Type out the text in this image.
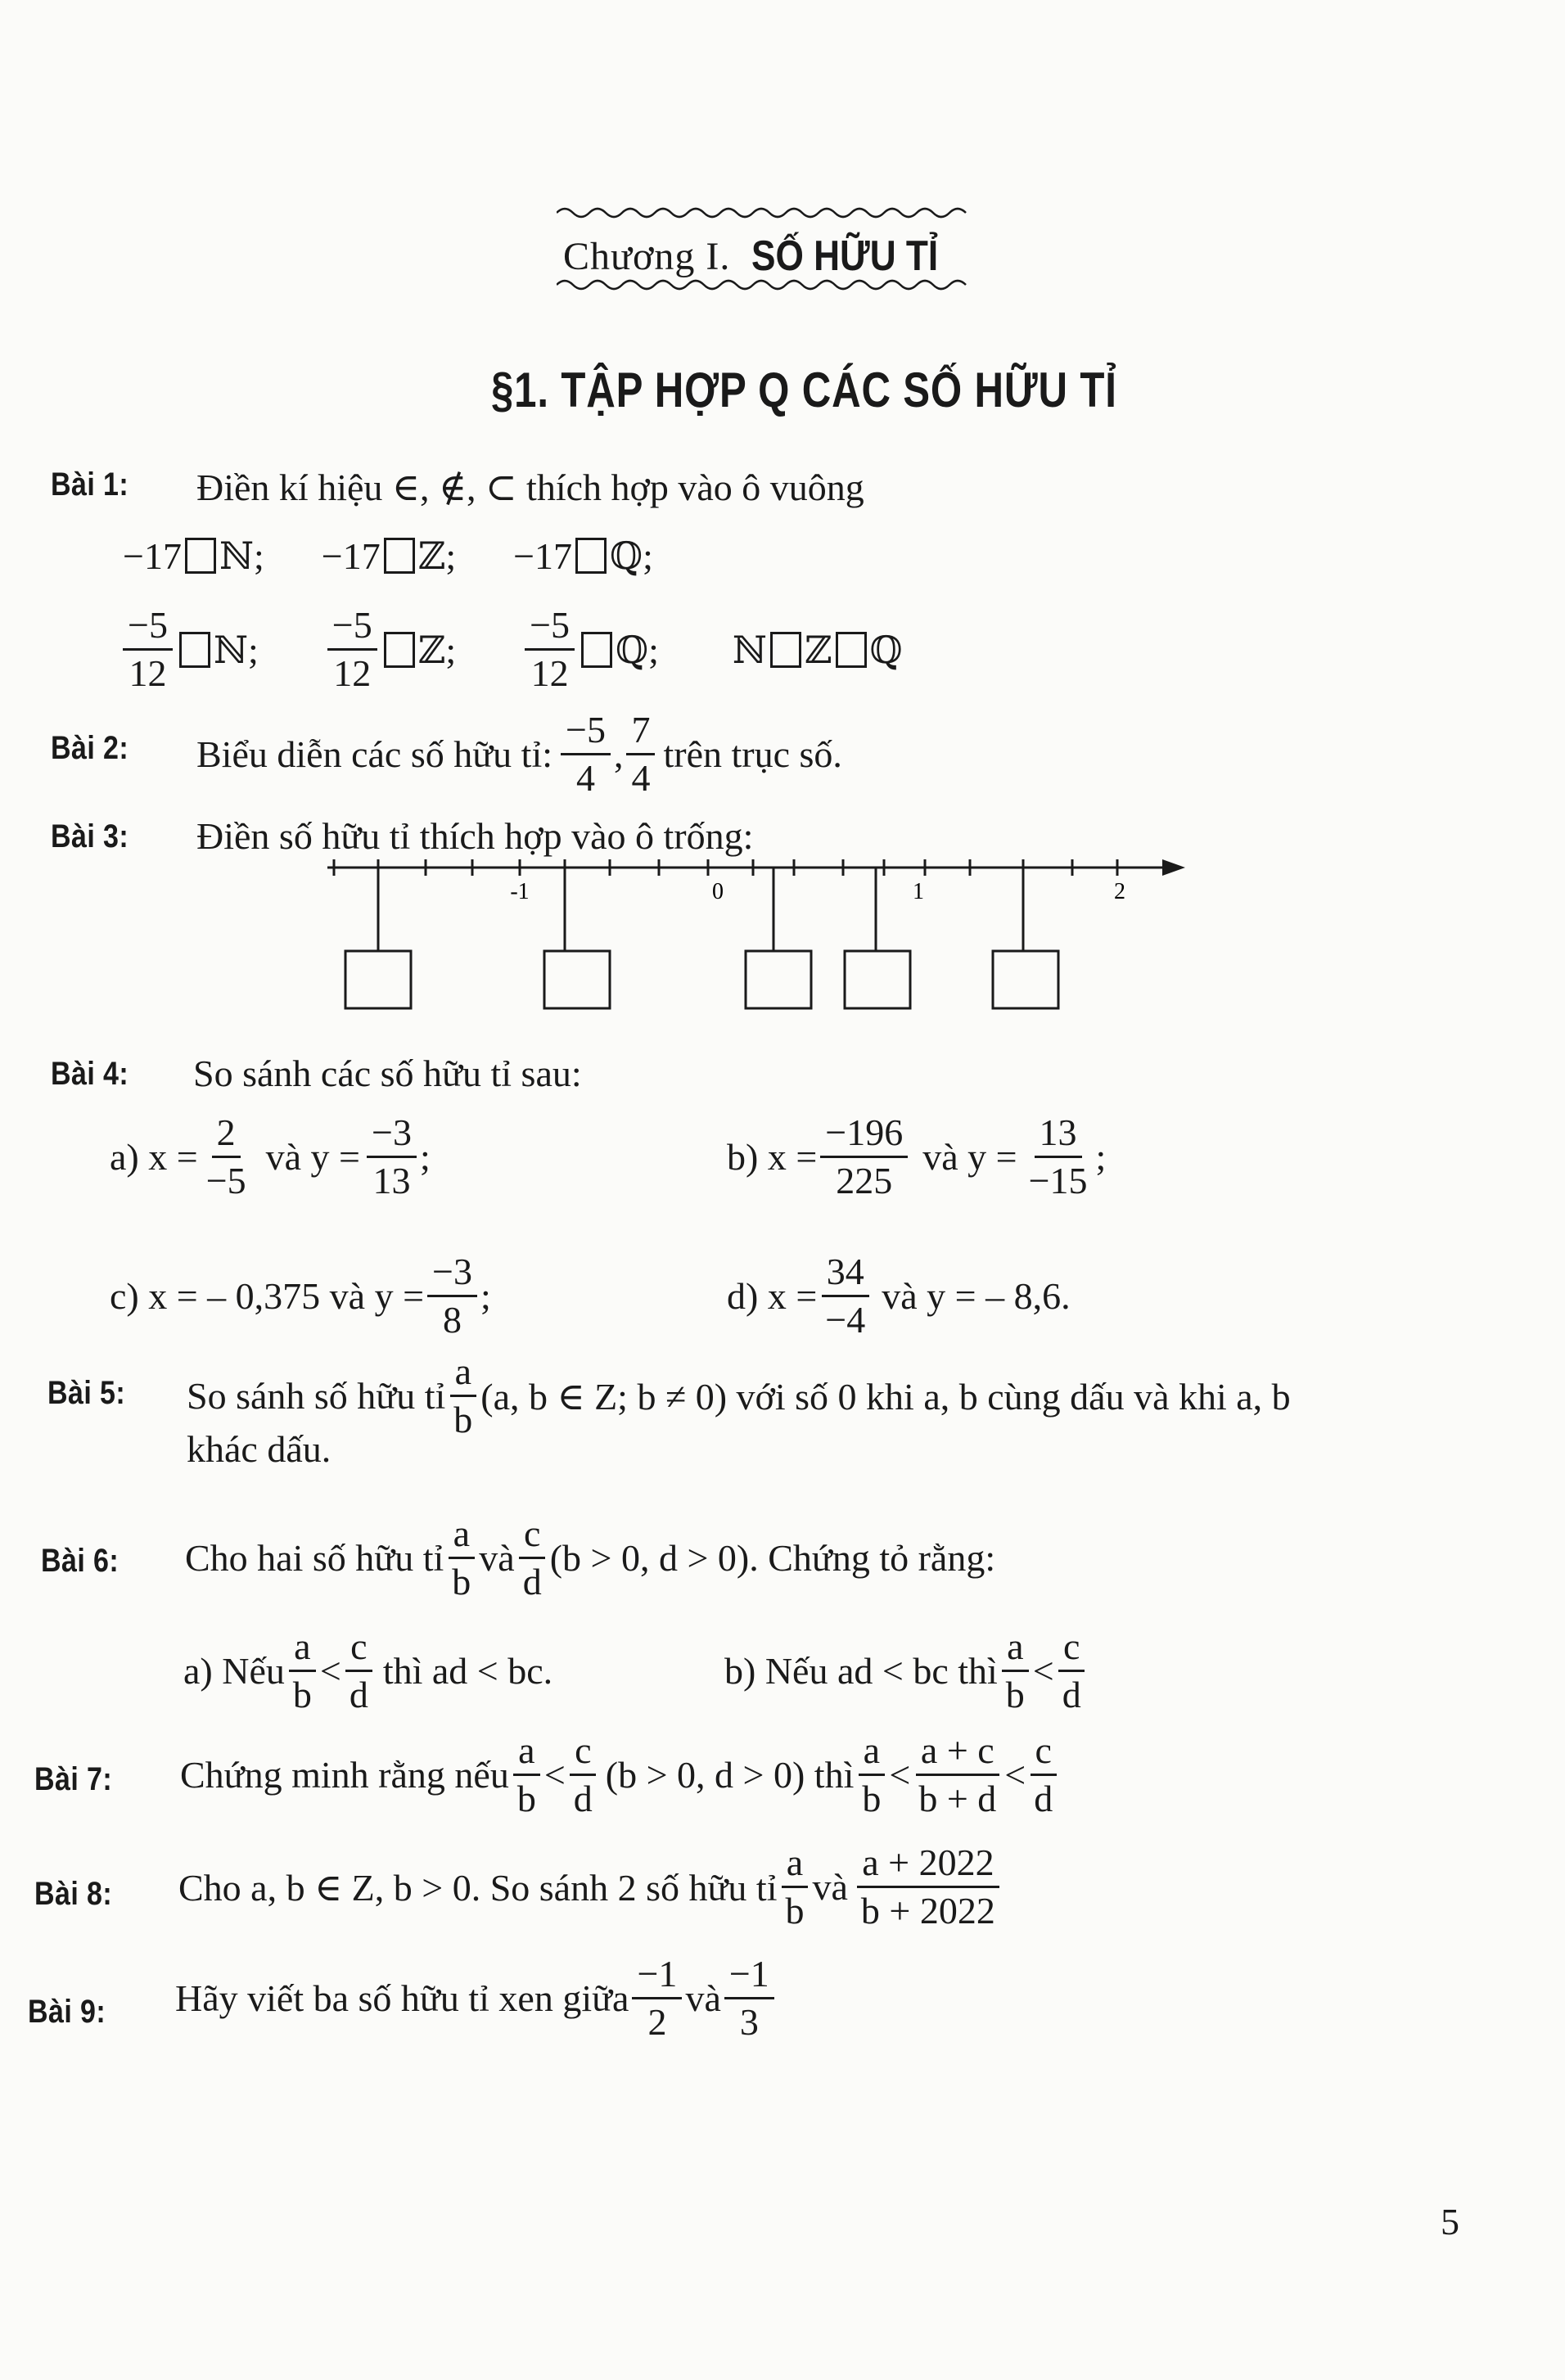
Chương I. SỐ HỮU TỈ
§1. TẬP HỢP Q CÁC SỐ HỮU TỈ
Bài 1: Điền kí hiệu ∈, ∉, ⊂ thích hợp vào ô vuông
−17 ℕ; −17 ℤ; −17 ℚ;
$\frac{-5}{12}$ ℕ; $\frac{-5}{12}$ ℤ; $\frac{-5}{12}$ ℚ; ℕ ℤ ℚ
Bài 2: Biểu diễn các số hữu tỉ: $\frac{-5}{4}$ , $\frac{7}{4}$ trên trục số.
Bài 3: Điền số hữu tỉ thích hợp vào ô trống:
-1	0	1	2
Bài 4: So sánh các số hữu tỉ sau:
a) $x = \frac{2}{-5}$ và $y = \frac{-3}{13}$ ;	b) $x = \frac{-196}{225}$ và $y = \frac{13}{-15}$ ;
c) x = – 0,375 và $y = \frac{-3}{8}$ ;	d) $x = \frac{34}{-4}$ và y = – 8,6.
Bài 5: So sánh số hữu tỉ $\frac{a}{b} (a$, b ∈ Z; b ≠ 0) với số 0 khi a, b cùng dấu và khi a, b
khác dấu.
Bài 6: Cho hai số hữu tỉ $\frac{a}{b}$ và $\frac{c}{d} (b > 0$, d > 0). Chứng tỏ rằng:
a) Nếu $\frac{a}{b} < \frac{c}{d}$ thì ad < bc.	b) Nếu ad < bc thì $\frac{a}{b} < \frac{c}{d}$
Bài 7: Chứng minh rằng nếu $\frac{a}{b} < \frac{c}{d} (b > 0$, d > 0) thì $\frac{a}{b} < \frac{a + c}{b + d} < \frac{c}{d}$
Bài 8: Cho a, b ∈ Z, b > 0. So sánh 2 số hữu tỉ $\frac{a}{b}$ và $\frac{a + 2022}{b + 2022}$
Bài 9: Hãy viết ba số hữu tỉ xen giữa $\frac{-1}{2}$ và $\frac{-1}{3}$
5
